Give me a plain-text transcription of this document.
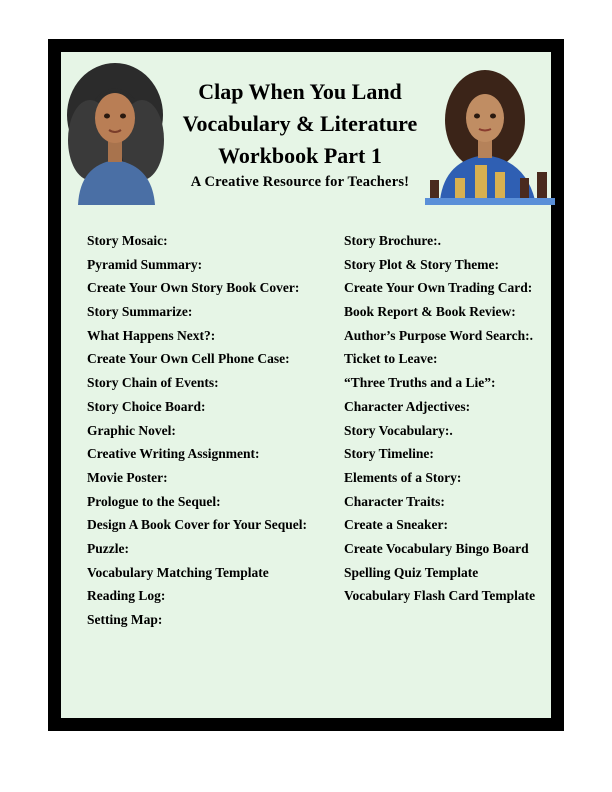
Clap When You Land
Vocabulary & Literature
Workbook Part 1
A Creative Resource for Teachers!
Story Mosaic:
Pyramid Summary:
Create Your Own Story Book Cover:
Story Summarize:
What Happens Next?:
Create Your Own Cell Phone Case:
Story Chain of Events:
Story Choice Board:
Graphic Novel:
Creative Writing Assignment:
Movie Poster:
Prologue to the Sequel:
Design A Book Cover for Your Sequel:
Puzzle:
Vocabulary Matching Template
Reading Log:
Setting Map:
Story Brochure:.
Story Plot & Story Theme:
Create Your Own Trading Card:
Book Report & Book Review:
Author’s Purpose Word Search:.
Ticket to Leave:
“Three Truths and a Lie”:
Character Adjectives:
Story Vocabulary:.
Story Timeline:
Elements of a Story:
Character Traits:
Create a Sneaker:
Create Vocabulary Bingo Board
Spelling Quiz Template
Vocabulary Flash Card Template
